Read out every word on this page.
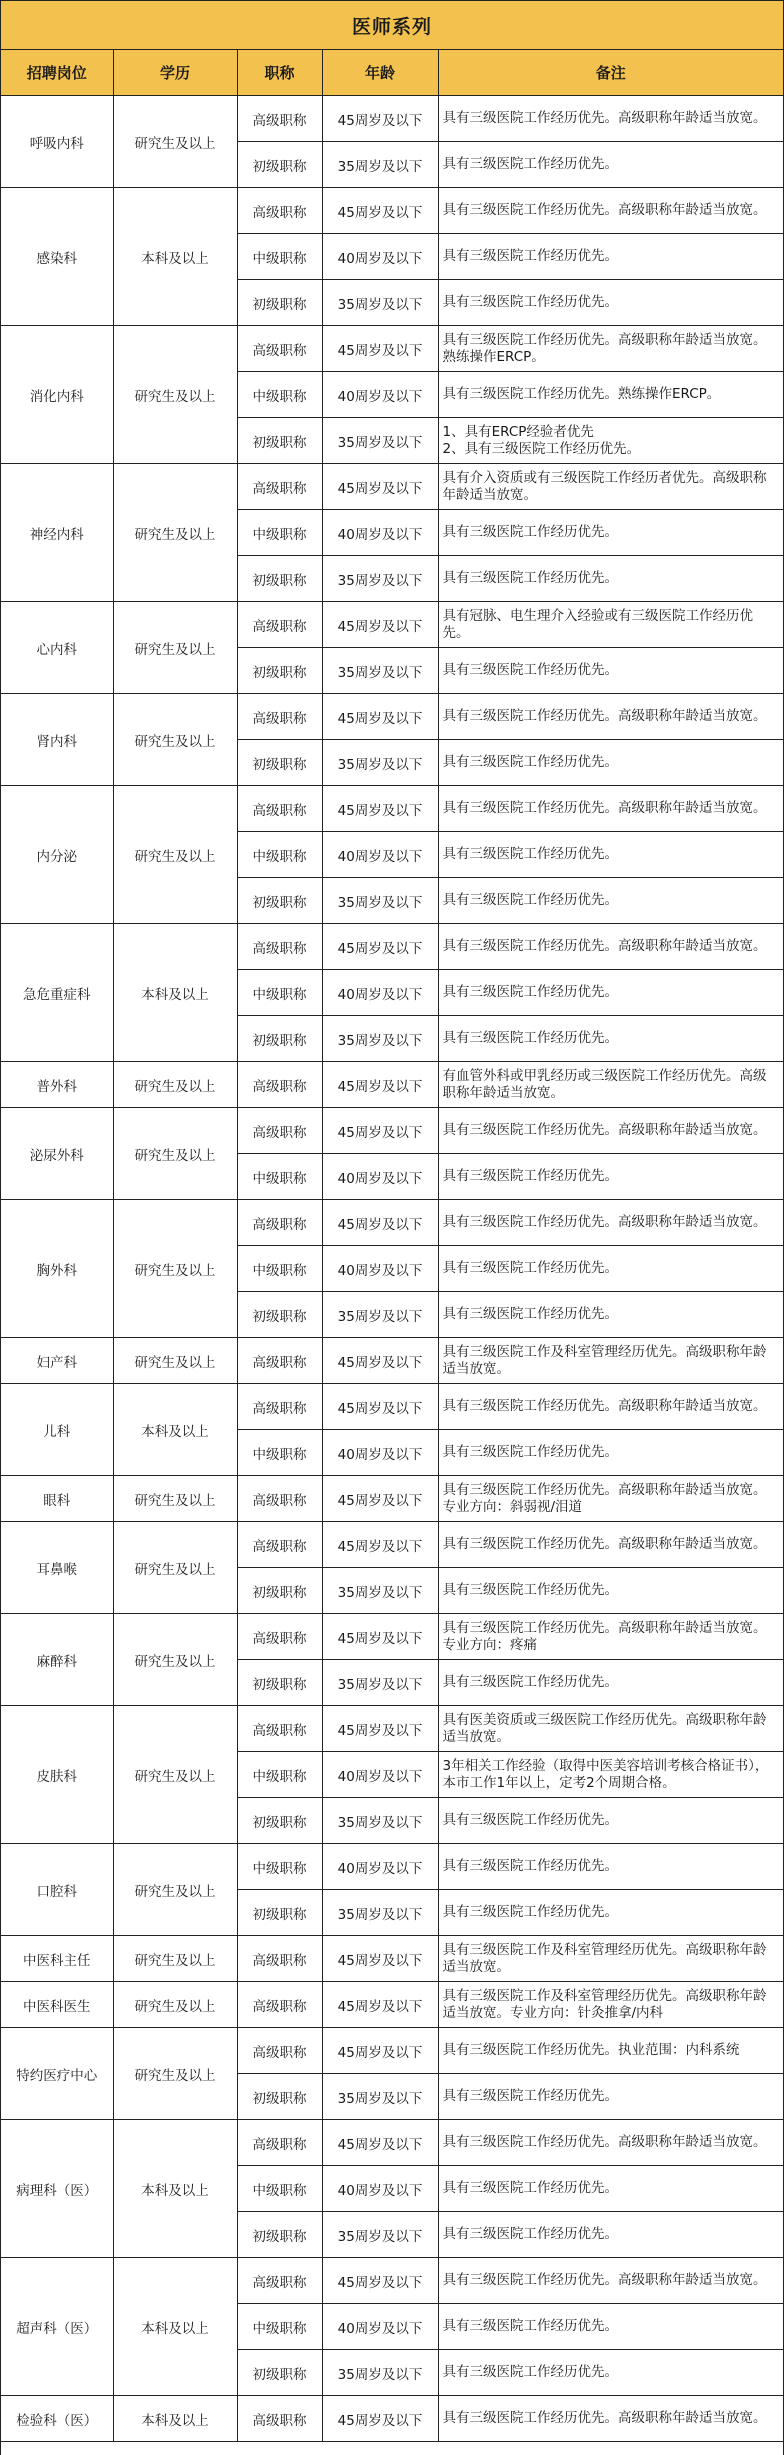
医师系列
招聘岗位	学历	职称	年龄	备注
呼吸内科	研究生及以上	高级职称	45周岁及以下	具有三级医院工作经历优先。高级职称年龄适当放宽。
		初级职称	35周岁及以下	具有三级医院工作经历优先。
感染科	本科及以上	高级职称	45周岁及以下	具有三级医院工作经历优先。高级职称年龄适当放宽。
		中级职称	40周岁及以下	具有三级医院工作经历优先。
		初级职称	35周岁及以下	具有三级医院工作经历优先。
消化内科	研究生及以上	高级职称	45周岁及以下	具有三级医院工作经历优先。高级职称年龄适当放宽。熟练操作ERCP。
		中级职称	40周岁及以下	具有三级医院工作经历优先。熟练操作ERCP。
		初级职称	35周岁及以下	1、具有ERCP经验者优先
2、具有三级医院工作经历优先。
神经内科	研究生及以上	高级职称	45周岁及以下	具有介入资质或有三级医院工作经历者优先。高级职称年龄适当放宽。
		中级职称	40周岁及以下	具有三级医院工作经历优先。
		初级职称	35周岁及以下	具有三级医院工作经历优先。
心内科	研究生及以上	高级职称	45周岁及以下	具有冠脉、电生理介入经验或有三级医院工作经历优先。
		初级职称	35周岁及以下	具有三级医院工作经历优先。
肾内科	研究生及以上	高级职称	45周岁及以下	具有三级医院工作经历优先。高级职称年龄适当放宽。
		初级职称	35周岁及以下	具有三级医院工作经历优先。
内分泌	研究生及以上	高级职称	45周岁及以下	具有三级医院工作经历优先。高级职称年龄适当放宽。
		中级职称	40周岁及以下	具有三级医院工作经历优先。
		初级职称	35周岁及以下	具有三级医院工作经历优先。
急危重症科	本科及以上	高级职称	45周岁及以下	具有三级医院工作经历优先。高级职称年龄适当放宽。
		中级职称	40周岁及以下	具有三级医院工作经历优先。
		初级职称	35周岁及以下	具有三级医院工作经历优先。
普外科	研究生及以上	高级职称	45周岁及以下	有血管外科或甲乳经历或三级医院工作经历优先。高级职称年龄适当放宽。
泌尿外科	研究生及以上	高级职称	45周岁及以下	具有三级医院工作经历优先。高级职称年龄适当放宽。
		中级职称	40周岁及以下	具有三级医院工作经历优先。
胸外科	研究生及以上	高级职称	45周岁及以下	具有三级医院工作经历优先。高级职称年龄适当放宽。
		中级职称	40周岁及以下	具有三级医院工作经历优先。
		初级职称	35周岁及以下	具有三级医院工作经历优先。
妇产科	研究生及以上	高级职称	45周岁及以下	具有三级医院工作及科室管理经历优先。高级职称年龄适当放宽。
儿科	本科及以上	高级职称	45周岁及以下	具有三级医院工作经历优先。高级职称年龄适当放宽。
		中级职称	40周岁及以下	具有三级医院工作经历优先。
眼科	研究生及以上	高级职称	45周岁及以下	具有三级医院工作经历优先。高级职称年龄适当放宽。专业方向：斜弱视/泪道
耳鼻喉	研究生及以上	高级职称	45周岁及以下	具有三级医院工作经历优先。高级职称年龄适当放宽。
		初级职称	35周岁及以下	具有三级医院工作经历优先。
麻醉科	研究生及以上	高级职称	45周岁及以下	具有三级医院工作经历优先。高级职称年龄适当放宽。专业方向：疼痛
		初级职称	35周岁及以下	具有三级医院工作经历优先。
皮肤科	研究生及以上	高级职称	45周岁及以下	具有医美资质或三级医院工作经历优先。高级职称年龄适当放宽。
		中级职称	40周岁及以下	3年相关工作经验（取得中医美容培训考核合格证书），本市工作1年以上，定考2个周期合格。
		初级职称	35周岁及以下	具有三级医院工作经历优先。
口腔科	研究生及以上	中级职称	40周岁及以下	具有三级医院工作经历优先。
		初级职称	35周岁及以下	具有三级医院工作经历优先。
中医科主任	研究生及以上	高级职称	45周岁及以下	具有三级医院工作及科室管理经历优先。高级职称年龄适当放宽。
中医科医生	研究生及以上	高级职称	45周岁及以下	具有三级医院工作及科室管理经历优先。高级职称年龄适当放宽。专业方向：针灸推拿/内科
特约医疗中心	研究生及以上	高级职称	45周岁及以下	具有三级医院工作经历优先。执业范围：内科系统
		初级职称	35周岁及以下	具有三级医院工作经历优先。
病理科（医）	本科及以上	高级职称	45周岁及以下	具有三级医院工作经历优先。高级职称年龄适当放宽。
		中级职称	40周岁及以下	具有三级医院工作经历优先。
		初级职称	35周岁及以下	具有三级医院工作经历优先。
超声科（医）	本科及以上	高级职称	45周岁及以下	具有三级医院工作经历优先。高级职称年龄适当放宽。
		中级职称	40周岁及以下	具有三级医院工作经历优先。
		初级职称	35周岁及以下	具有三级医院工作经历优先。
检验科（医）	本科及以上	高级职称	45周岁及以下	具有三级医院工作经历优先。高级职称年龄适当放宽。
